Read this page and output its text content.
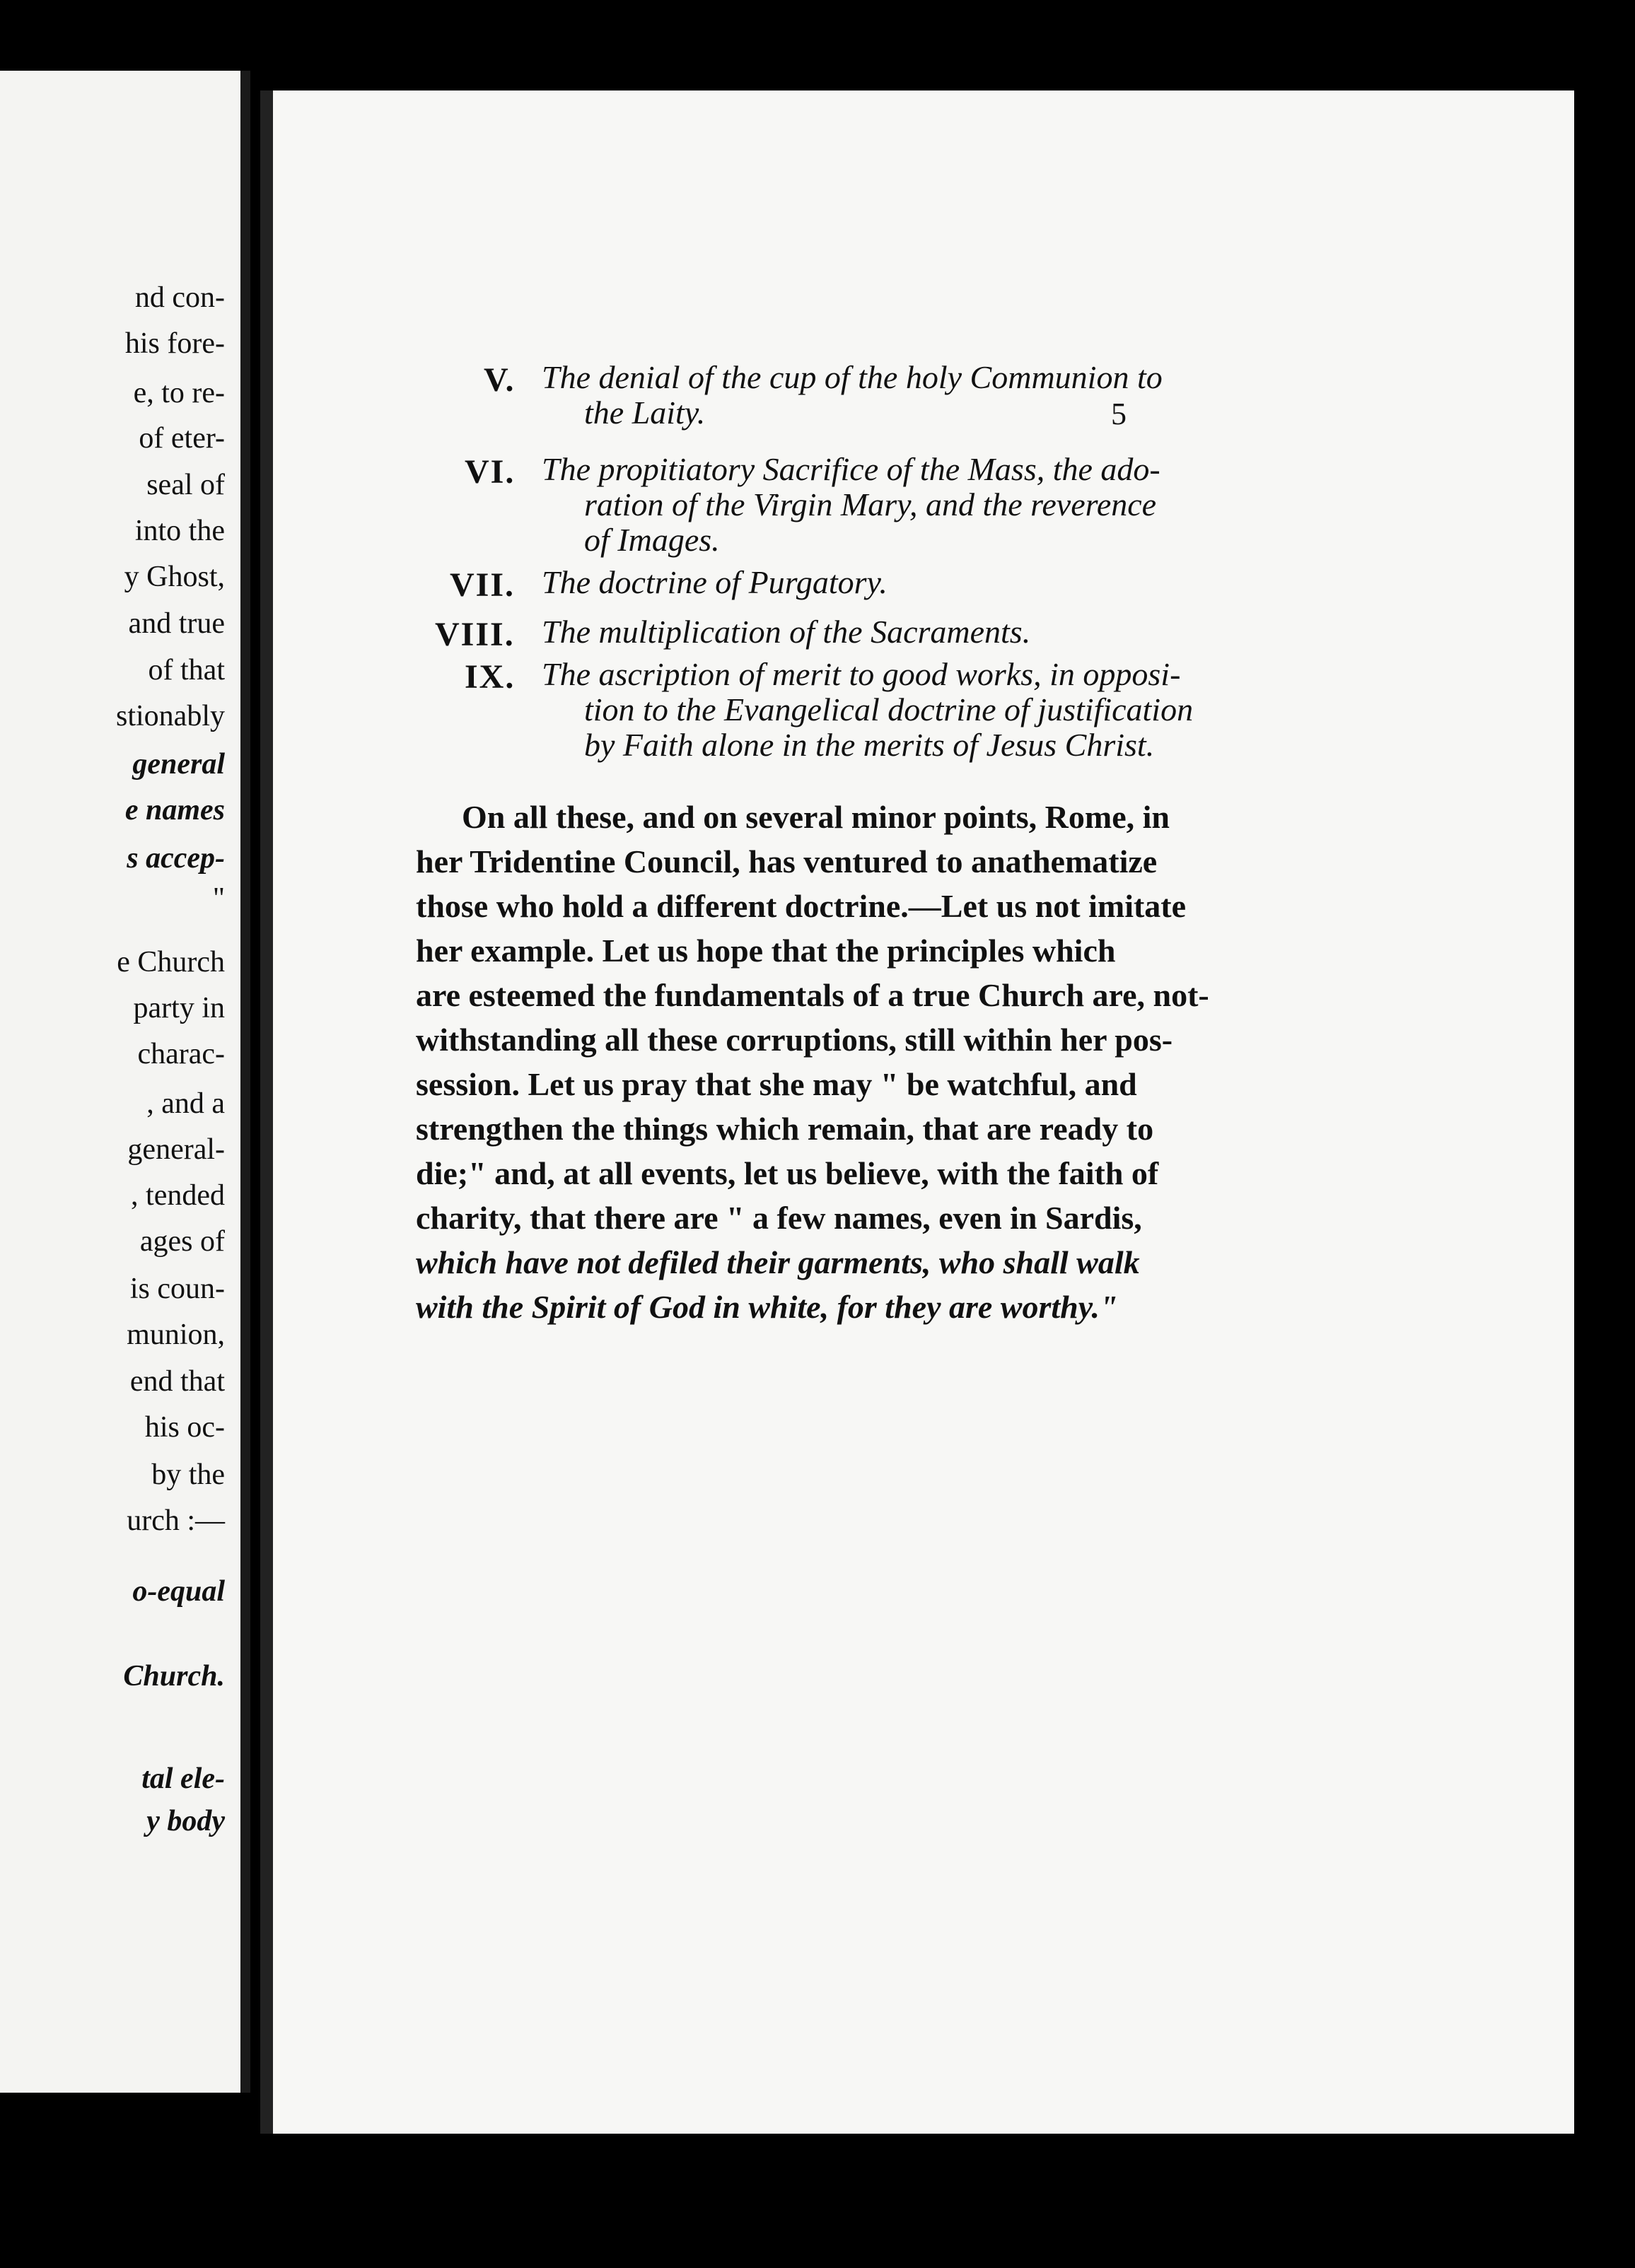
nd con-
his fore-
e, to re-
of eter-
seal of
into the
y Ghost,
and true
of that
stionably
general
e names
s accep-
"
e Church
party in
charac-
, and a
general-
, tended
ages of
is coun-
munion,
end that
his oc-
by the
urch :—
o-equal
Church.
tal ele-
y body
5
V. The denial of the cup of the holy Communion to
the Laity.
VI. The propitiatory Sacrifice of the Mass, the ado-
ration of the Virgin Mary, and the reverence
of Images.
VII. The doctrine of Purgatory.
VIII. The multiplication of the Sacraments.
IX. The ascription of merit to good works, in opposi-
tion to the Evangelical doctrine of justification
by Faith alone in the merits of Jesus Christ.
On all these, and on several minor points, Rome, in
her Tridentine Council, has ventured to anathematize
those who hold a different doctrine.—Let us not imitate
her example. Let us hope that the principles which
are esteemed the fundamentals of a true Church are, not-
withstanding all these corruptions, still within her pos-
session. Let us pray that she may " be watchful, and
strengthen the things which remain, that are ready to
die;" and, at all events, let us believe, with the faith of
charity, that there are " a few names, even in Sardis,
which have not defiled their garments, who shall walk
with the Spirit of God in white, for they are worthy."
